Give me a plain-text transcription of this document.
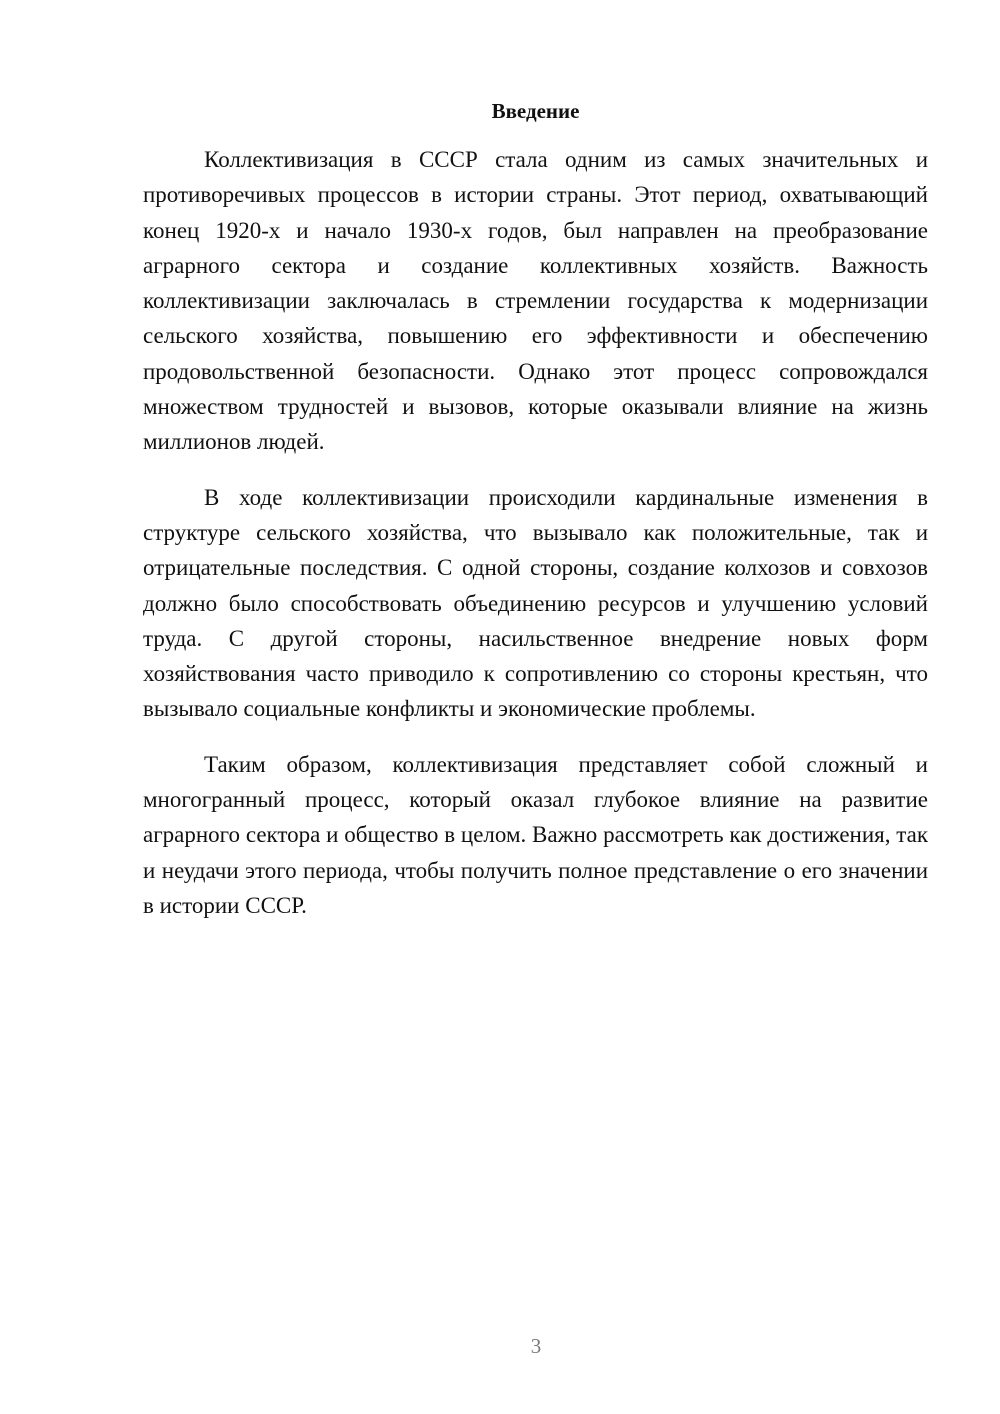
Введение

Коллективизация в СССР стала одним из самых значительных и противоречивых процессов в истории страны. Этот период, охватывающий конец 1920-х и начало 1930-х годов, был направлен на преобразование аграрного сектора и создание коллективных хозяйств. Важность коллективизации заключалась в стремлении государства к модернизации сельского хозяйства, повышению его эффективности и обеспечению продовольственной безопасности. Однако этот процесс сопровождался множеством трудностей и вызовов, которые оказывали влияние на жизнь миллионов людей.

В ходе коллективизации происходили кардинальные изменения в структуре сельского хозяйства, что вызывало как положительные, так и отрицательные последствия. С одной стороны, создание колхозов и совхозов должно было способствовать объединению ресурсов и улучшению условий труда. С другой стороны, насильственное внедрение новых форм хозяйствования часто приводило к сопротивлению со стороны крестьян, что вызывало социальные конфликты и экономические проблемы.

Таким образом, коллективизация представляет собой сложный и многогранный процесс, который оказал глубокое влияние на развитие аграрного сектора и общество в целом. Важно рассмотреть как достижения, так и неудачи этого периода, чтобы получить полное представление о его значении в истории СССР.

3
